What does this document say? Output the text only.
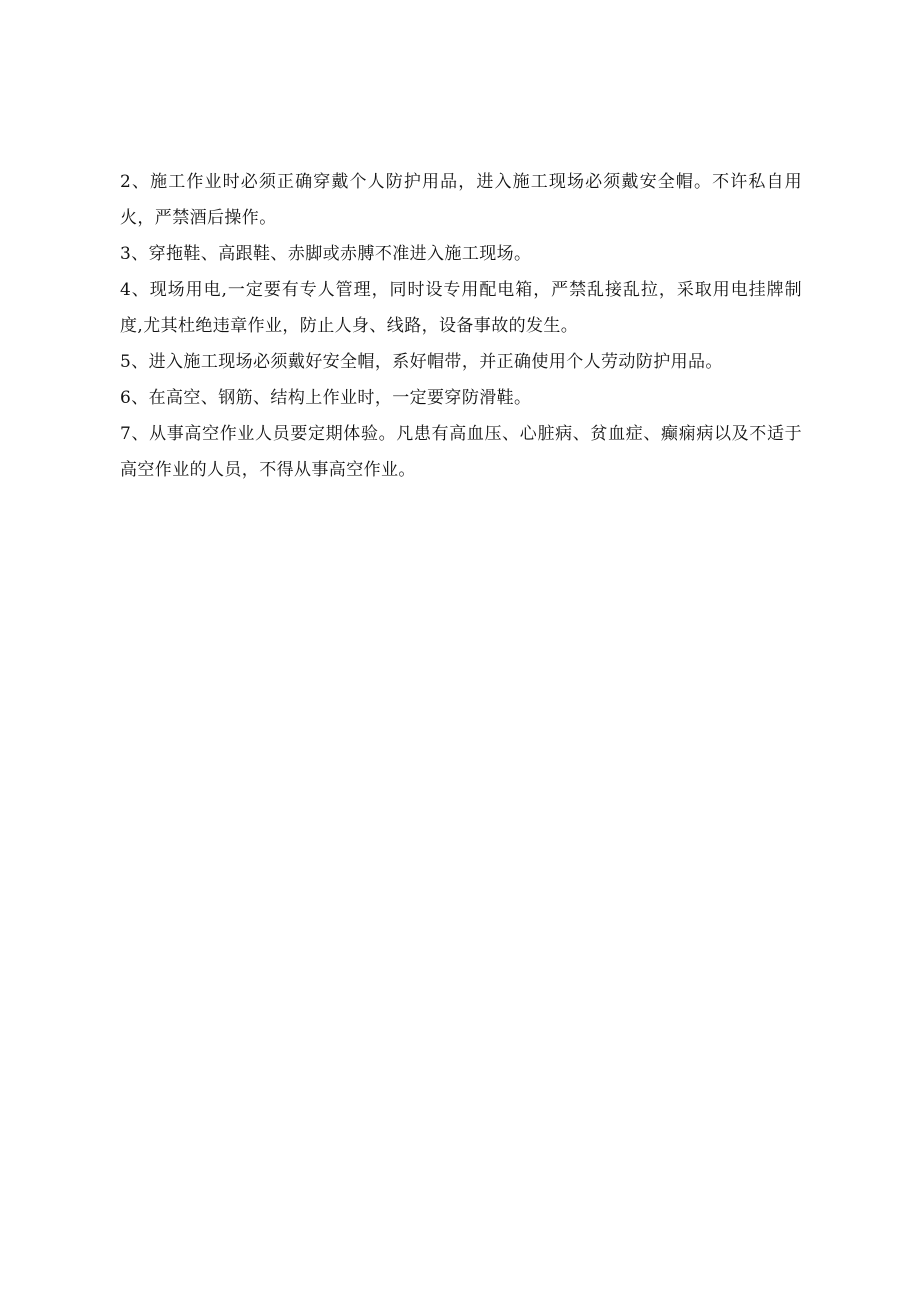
2、施工作业时必须正确穿戴个人防护用品，进入施工现场必须戴安全帽。不许私自用火，严禁酒后操作。

3、穿拖鞋、高跟鞋、赤脚或赤膊不准进入施工现场。

4、现场用电,一定要有专人管理，同时设专用配电箱，严禁乱接乱拉，采取用电挂牌制度,尤其杜绝违章作业，防止人身、线路，设备事故的发生。

5、进入施工现场必须戴好安全帽，系好帽带，并正确使用个人劳动防护用品。

6、在高空、钢筋、结构上作业时，一定要穿防滑鞋。

7、从事高空作业人员要定期体验。凡患有高血压、心脏病、贫血症、癫痫病以及不适于高空作业的人员，不得从事高空作业。
